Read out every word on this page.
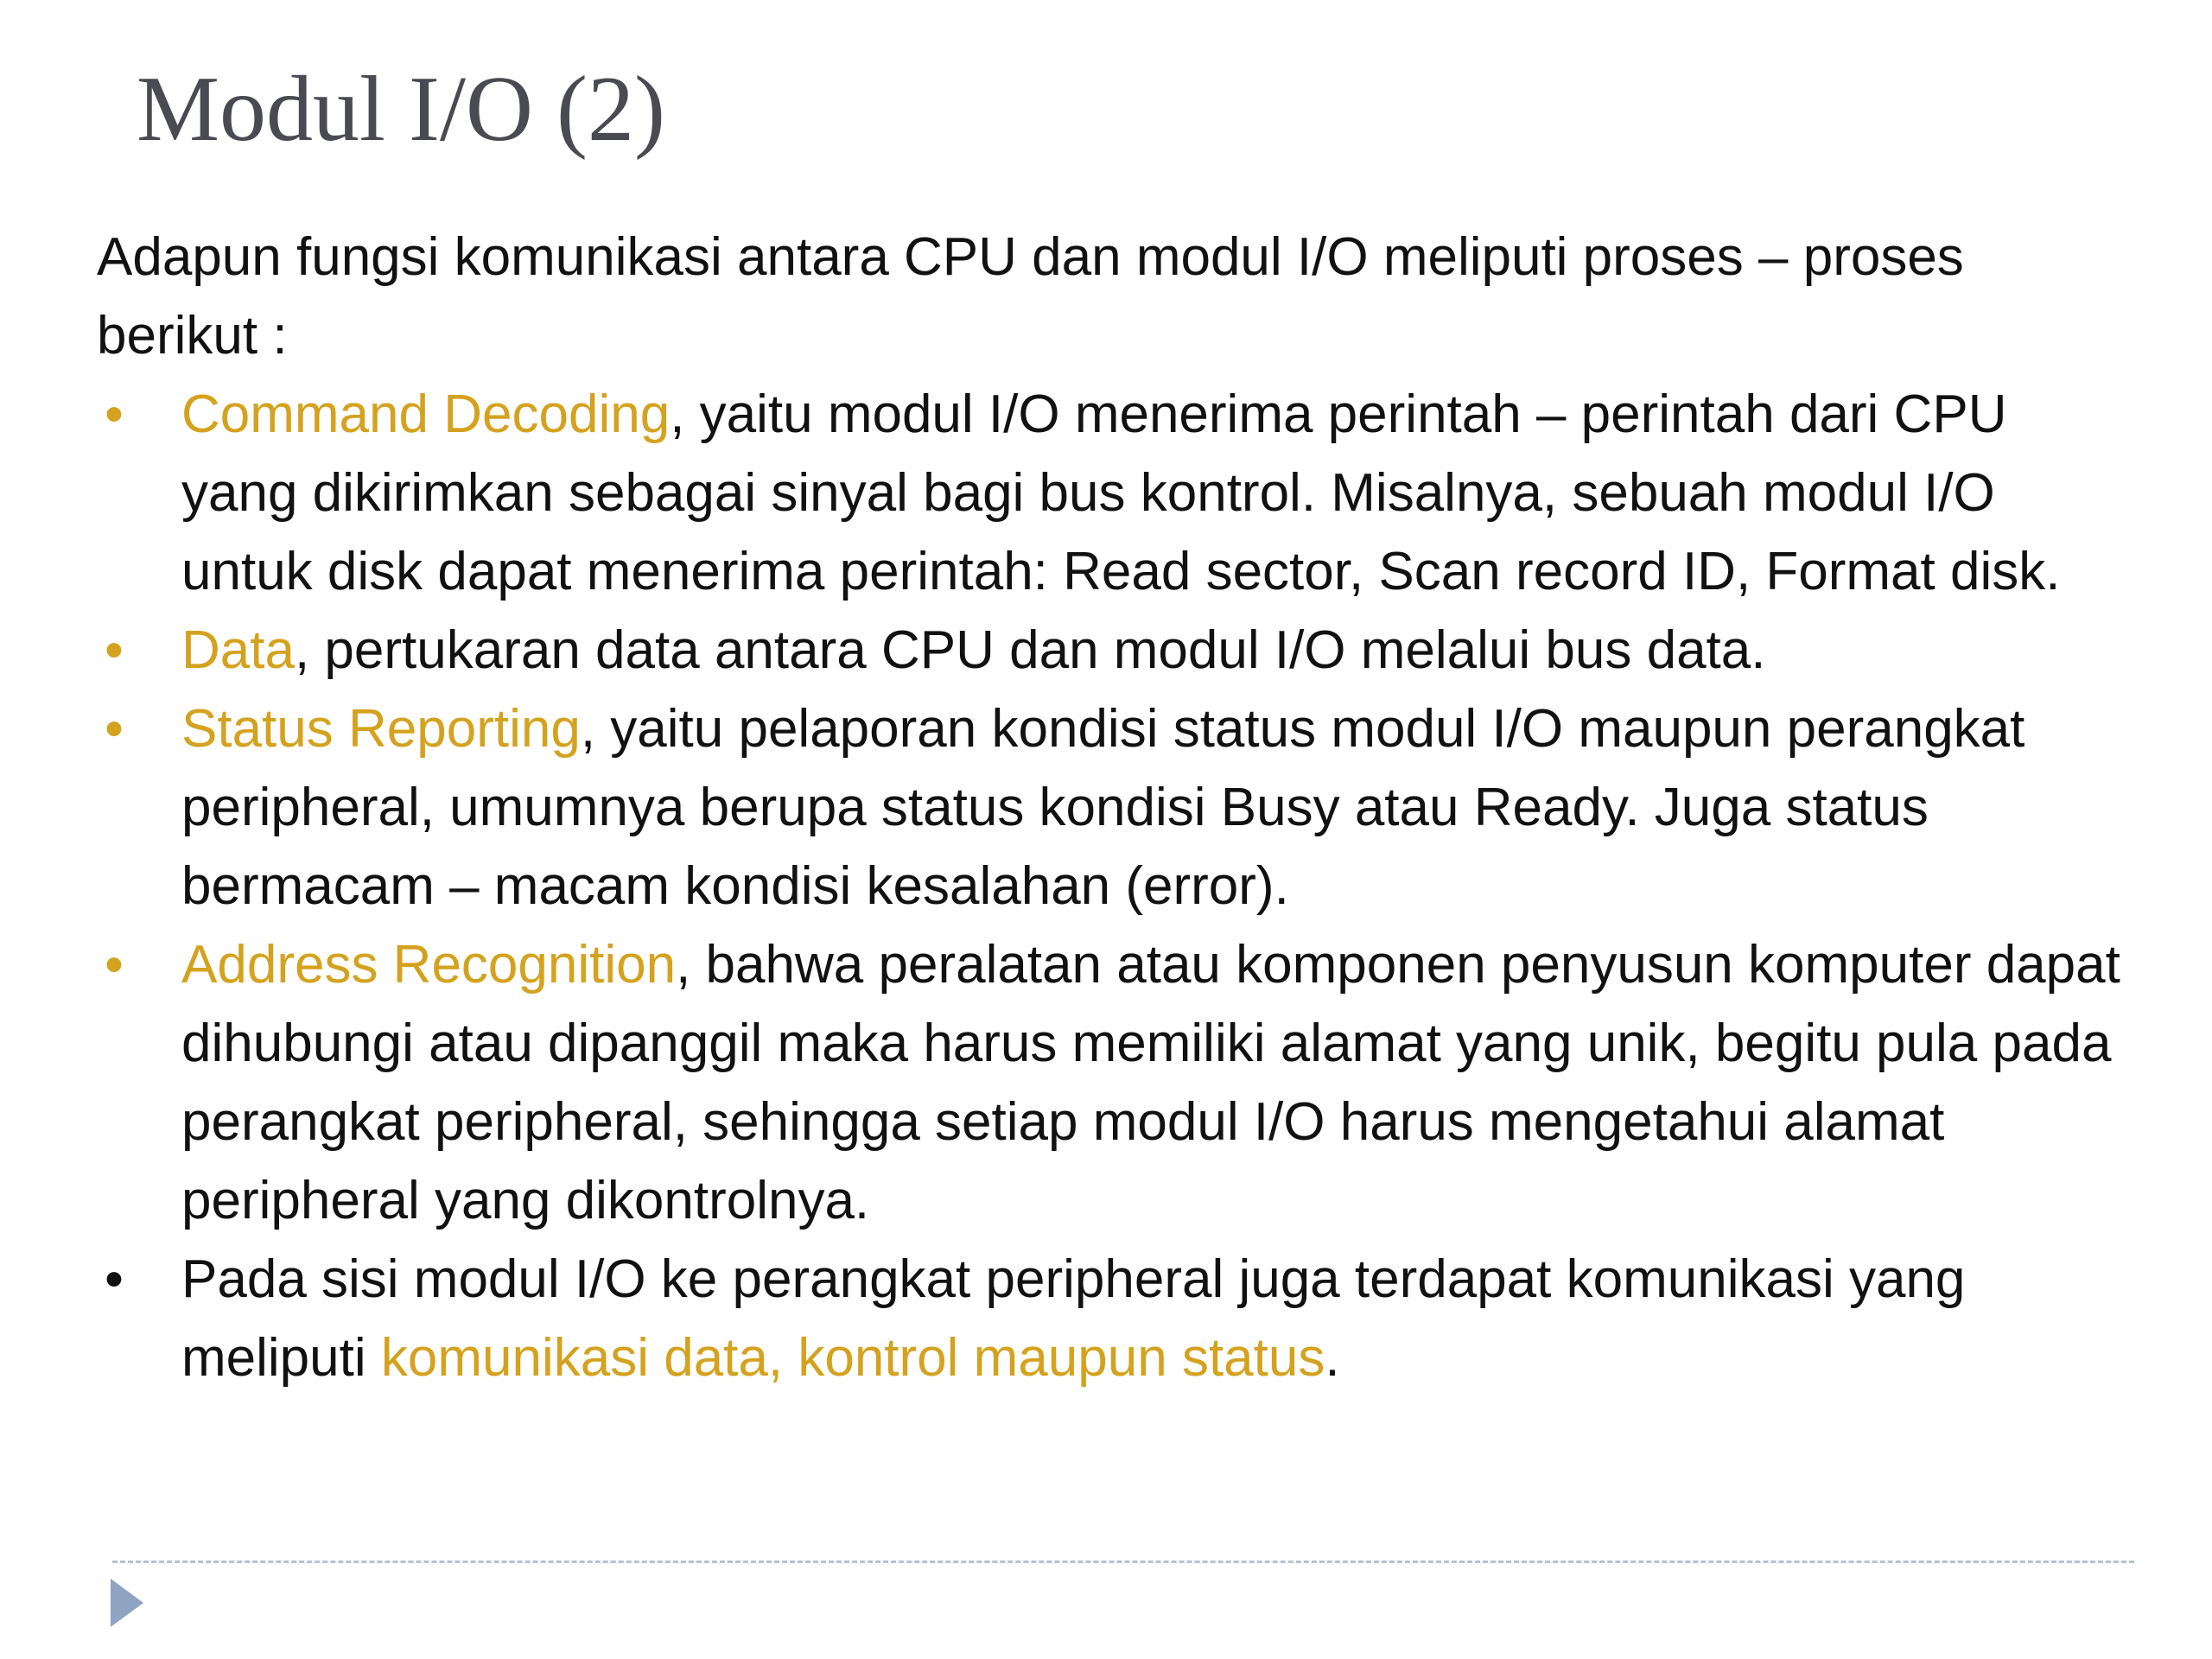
Modul I/O (2)

Adapun fungsi komunikasi antara CPU dan modul I/O meliputi proses – proses berikut :

• Command Decoding, yaitu modul I/O menerima perintah – perintah dari CPU yang dikirimkan sebagai sinyal bagi bus kontrol. Misalnya, sebuah modul I/O untuk disk dapat menerima perintah: Read sector, Scan record ID, Format disk.
• Data, pertukaran data antara CPU dan modul I/O melalui bus data.
• Status Reporting, yaitu pelaporan kondisi status modul I/O maupun perangkat peripheral, umumnya berupa status kondisi Busy atau Ready. Juga status bermacam – macam kondisi kesalahan (error).
• Address Recognition, bahwa peralatan atau komponen penyusun komputer dapat dihubungi atau dipanggil maka harus memiliki alamat yang unik, begitu pula pada perangkat peripheral, sehingga setiap modul I/O harus mengetahui alamat peripheral yang dikontrolnya.
• Pada sisi modul I/O ke perangkat peripheral juga terdapat komunikasi yang meliputi komunikasi data, kontrol maupun status.
